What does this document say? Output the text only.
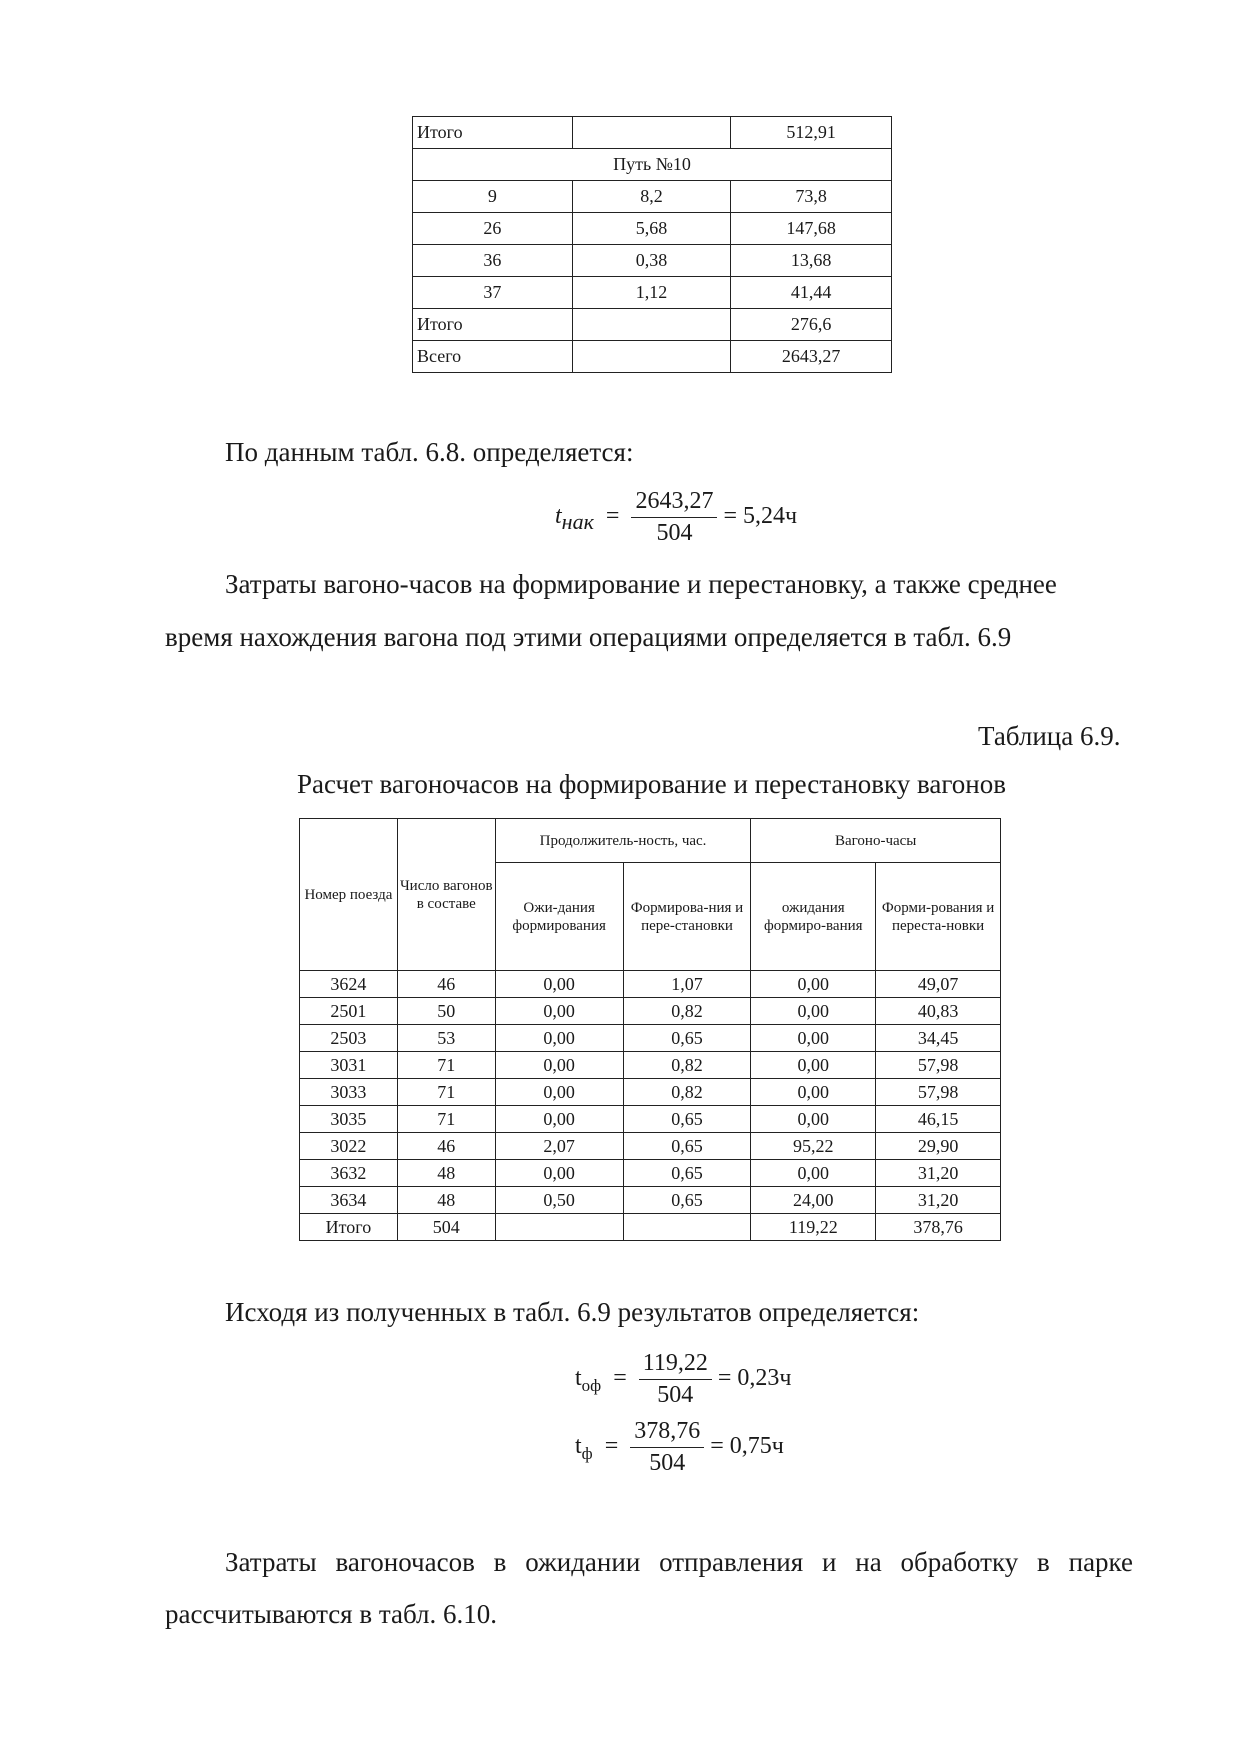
Итого		512,91
Путь №10		
9	8,2	73,8
26	5,68	147,68
36	0,38	13,68
37	1,12	41,44
Итого		276,6
Всего		2643,27
По данным табл. 6.8. определяется:
$t_{нак} = \frac{2643,27}{504} = 5,24ч$
Затраты вагоно-часов на формирование и перестановку, а также среднее
время нахождения вагона под этими операциями определяется в табл. 6.9
Таблица 6.9.
Расчет вагоночасов на формирование и перестановку вагонов
Номер поезда	Число вагонов в составе	Продолжитель-ность, час.		Вагоно-часы	
		Ожи-дания формирования	Формирова-ния и пере-становки	ожидания формиро-вания	Форми-рования и переста-новки
3624	46	0,00	1,07	0,00	49,07
2501	50	0,00	0,82	0,00	40,83
2503	53	0,00	0,65	0,00	34,45
3031	71	0,00	0,82	0,00	57,98
3033	71	0,00	0,82	0,00	57,98
3035	71	0,00	0,65	0,00	46,15
3022	46	2,07	0,65	95,22	29,90
3632	48	0,00	0,65	0,00	31,20
3634	48	0,50	0,65	24,00	31,20
Итого	504			119,22	378,76
Исходя из полученных в табл. 6.9 результатов определяется:
$t_{оф} = \frac{119,22}{504} = 0,23ч$
$t_ф = \frac{378,76}{504} = 0,75ч$
Затраты вагоночасов в ожидании отправления и на обработку в парке
рассчитываются в табл. 6.10.
